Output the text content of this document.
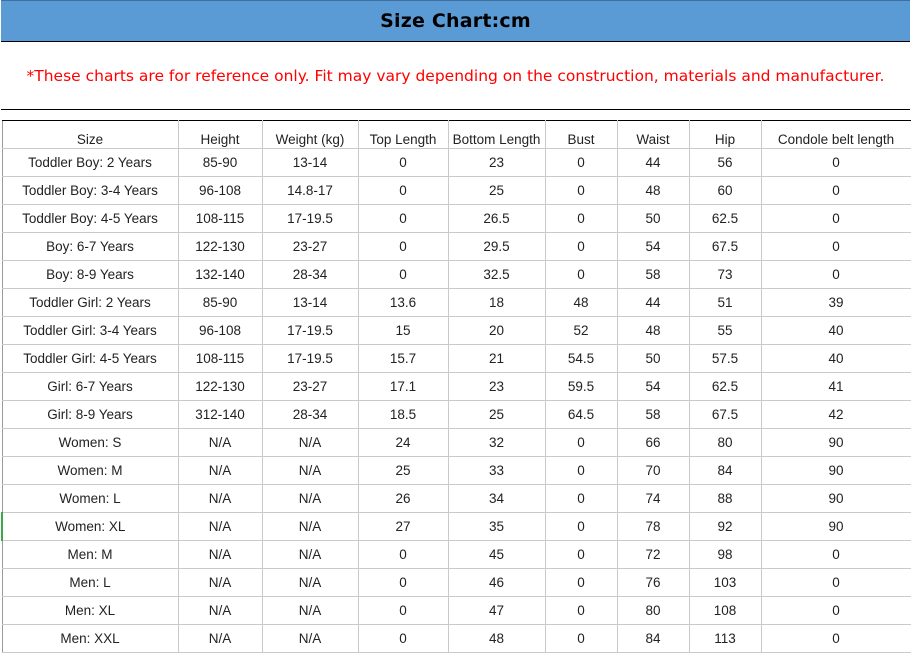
Size Chart:cm
*These charts are for reference only. Fit may vary depending on the construction, materials and manufacturer.
Size	Height	Weight (kg)	Top Length	Bottom Length	Bust	Waist	Hip	Condole belt length
Toddler Boy: 2 Years	85-90	13-14	0	23	0	44	56	0
Toddler Boy: 3-4 Years	96-108	14.8-17	0	25	0	48	60	0
Toddler Boy: 4-5 Years	108-115	17-19.5	0	26.5	0	50	62.5	0
Boy: 6-7 Years	122-130	23-27	0	29.5	0	54	67.5	0
Boy: 8-9 Years	132-140	28-34	0	32.5	0	58	73	0
Toddler Girl: 2 Years	85-90	13-14	13.6	18	48	44	51	39
Toddler Girl: 3-4 Years	96-108	17-19.5	15	20	52	48	55	40
Toddler Girl: 4-5 Years	108-115	17-19.5	15.7	21	54.5	50	57.5	40
Girl: 6-7 Years	122-130	23-27	17.1	23	59.5	54	62.5	41
Girl: 8-9 Years	312-140	28-34	18.5	25	64.5	58	67.5	42
Women: S	N/A	N/A	24	32	0	66	80	90
Women: M	N/A	N/A	25	33	0	70	84	90
Women: L	N/A	N/A	26	34	0	74	88	90
Women: XL	N/A	N/A	27	35	0	78	92	90
Men: M	N/A	N/A	0	45	0	72	98	0
Men: L	N/A	N/A	0	46	0	76	103	0
Men: XL	N/A	N/A	0	47	0	80	108	0
Men: XXL	N/A	N/A	0	48	0	84	113	0
